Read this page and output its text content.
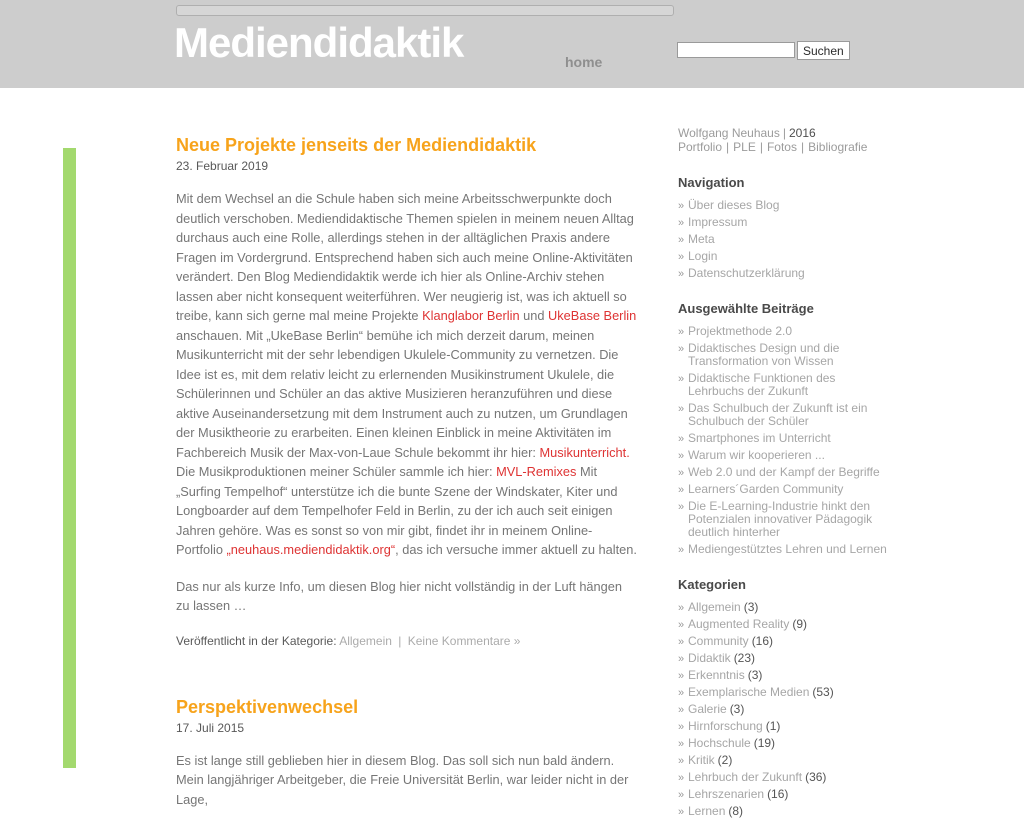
Mediendidaktik	home
Suchen
Neue Projekte jenseits der Mediendidaktik
23. Februar 2019

Mit dem Wechsel an die Schule haben sich meine Arbeitsschwerpunkte doch deutlich verschoben. Mediendidaktische Themen spielen in meinem neuen Alltag durchaus auch eine Rolle, allerdings stehen in der alltäglichen Praxis andere Fragen im Vordergrund. Entsprechend haben sich auch meine Online-Aktivitäten verändert. Den Blog Mediendidaktik werde ich hier als Online-Archiv stehen lassen aber nicht konsequent weiterführen. Wer neugierig ist, was ich aktuell so treibe, kann sich gerne mal meine Projekte Klanglabor Berlin und UkeBase Berlin anschauen. Mit „UkeBase Berlin“ bemühe ich mich derzeit darum, meinen Musikunterricht mit der sehr lebendigen Ukulele-Community zu vernetzen. Die Idee ist es, mit dem relativ leicht zu erlernenden Musikinstrument Ukulele, die Schülerinnen und Schüler an das aktive Musizieren heranzuführen und diese aktive Auseinandersetzung mit dem Instrument auch zu nutzen, um Grundlagen der Musiktheorie zu erarbeiten. Einen kleinen Einblick in meine Aktivitäten im Fachbereich Musik der Max-von-Laue Schule bekommt ihr hier: Musikunterricht. Die Musikproduktionen meiner Schüler sammle ich hier: MVL-Remixes Mit „Surfing Tempelhof“ unterstütze ich die bunte Szene der Windskater, Kiter und Longboarder auf dem Tempelhofer Feld in Berlin, zu der ich auch seit einigen Jahren gehöre. Was es sonst so von mir gibt, findet ihr in meinem Online-Portfolio „neuhaus.mediendidaktik.org“, das ich versuche immer aktuell zu halten.

Das nur als kurze Info, um diesen Blog hier nicht vollständig in der Luft hängen zu lassen …

Veröffentlicht in der Kategorie: Allgemein | Keine Kommentare »
Perspektivenwechsel
17. Juli 2015

Es ist lange still geblieben hier in diesem Blog. Das soll sich nun bald ändern. Mein langjähriger Arbeitgeber, die Freie Universität Berlin, war leider nicht in der Lage,

Wolfgang Neuhaus | 2016
Portfolio | PLE | Fotos | Bibliografie
Navigation
»
Über dieses Blog
»
Impressum
»
Meta
»
Login
»
Datenschutzerklärung
Ausgewählte Beiträge
»
Projektmethode 2.0
»
Didaktisches Design und die Transformation von Wissen
»
Didaktische Funktionen des Lehrbuchs der Zukunft
»
Das Schulbuch der Zukunft ist ein Schulbuch der Schüler
»
Smartphones im Unterricht
»
Warum wir kooperieren ...
»
Web 2.0 und der Kampf der Begriffe
»
Learners´Garden Community
»
Die E-Learning-Industrie hinkt den Potenzialen innovativer Pädagogik deutlich hinterher
»
Mediengestütztes Lehren und Lernen
Kategorien
»
Allgemein (3)
»
Augmented Reality (9)
»
Community (16)
»
Didaktik (23)
»
Erkenntnis (3)
»
Exemplarische Medien (53)
»
Galerie (3)
»
Hirnforschung (1)
»
Hochschule (19)
»
Kritik (2)
»
Lehrbuch der Zukunft (36)
»
Lehrszenarien (16)
»
Lernen (8)
